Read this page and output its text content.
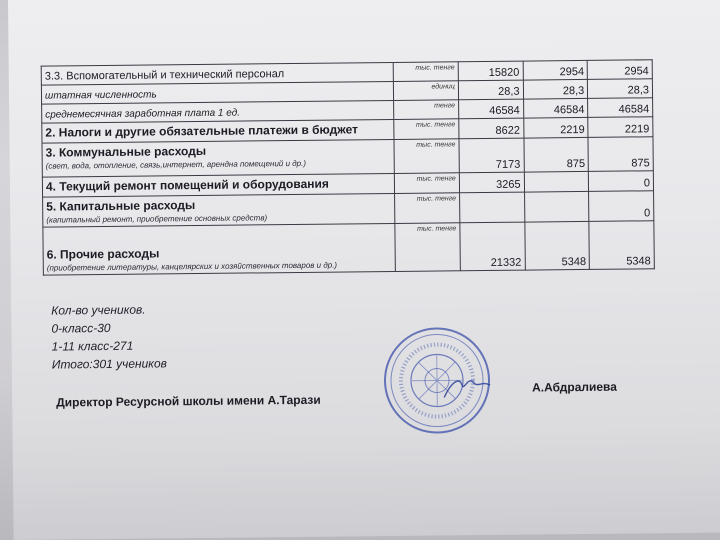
3.3. Вспомогательный и технический персонал	тыс. тенге	15820	2954	2954
штатная численность	единиц	28,3	28,3	28,3
среднемесячная заработная плата 1 ед.	тенге	46584	46584	46584
2. Налоги и другие обязательные платежи в бюджет	тыс. тенге	8622	2219	2219
3. Коммунальные расходы
(свет, вода, отопление, связь,интернет, арендна помещений и др.)	тыс. тенге	7173	875	875
4. Текущий ремонт помещений и оборудования	тыс. тенге	3265		0
5. Капитальные расходы
(капитальный ремонт, приобретение основных средств)	тыс. тенге			0
6. Прочие расходы
(приобретение литературы, канцелярских и хозяйственных товаров и др.)	тыс. тенге	21332	5348	5348
Кол-во учеников.
0-класс-30
1-11 класс-271
Итого:301 учеников
Директор Ресурсной школы имени А.Тарази
А.Абдралиева
